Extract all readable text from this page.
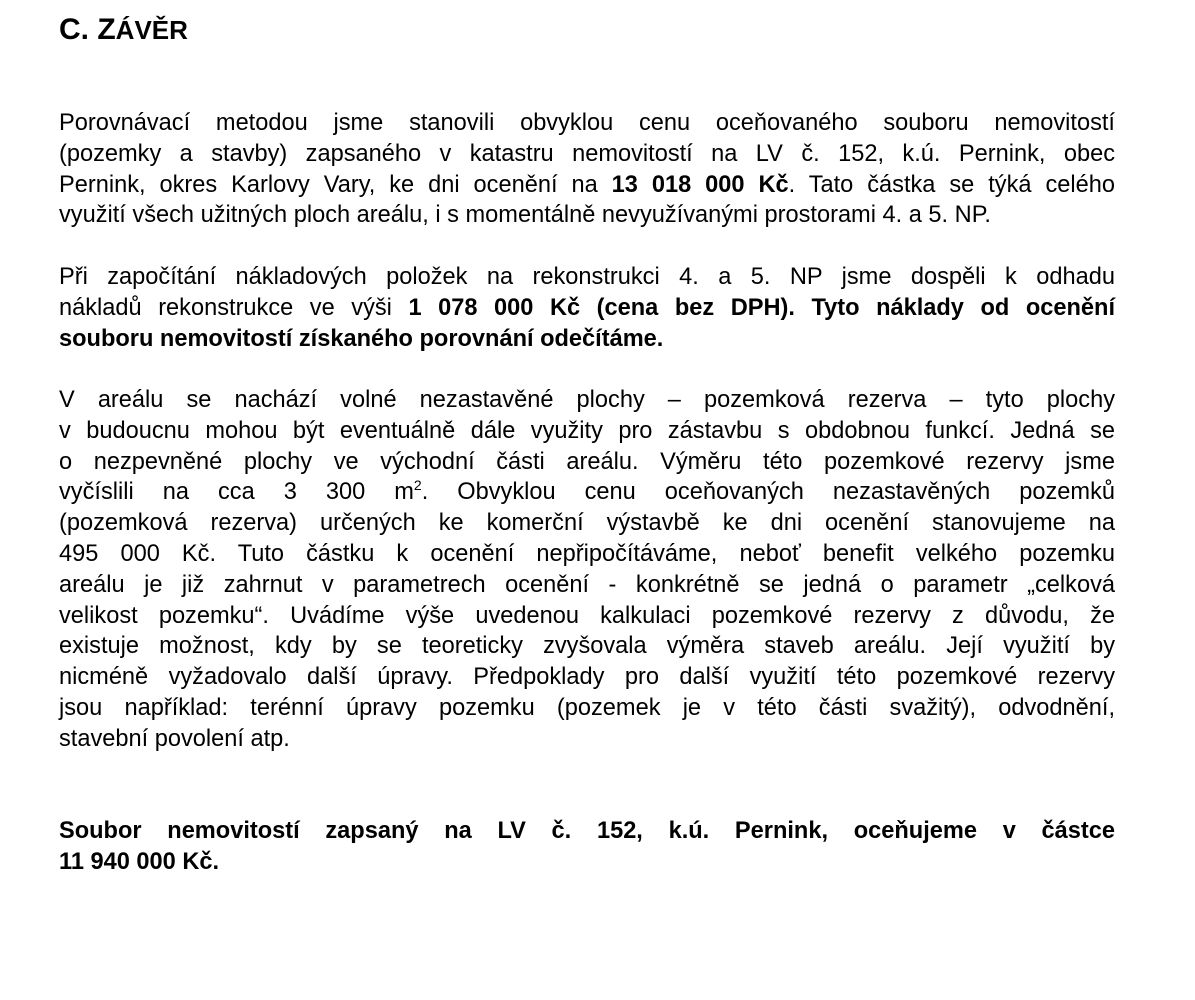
C. ZÁVĚR

Porovnávací metodou jsme stanovili obvyklou cenu oceňovaného souboru nemovitostí
(pozemky a stavby) zapsaného v katastru nemovitostí na LV č. 152, k.ú. Pernink, obec
Pernink, okres Karlovy Vary, ke dni ocenění na 13 018 000 Kč. Tato částka se týká celého
využití všech užitných ploch areálu, i s momentálně nevyužívanými prostorami 4. a 5. NP.

Při započítání nákladových položek na rekonstrukci 4. a 5. NP jsme dospěli k odhadu
nákladů rekonstrukce ve výši 1 078 000 Kč (cena bez DPH). Tyto náklady od ocenění
souboru nemovitostí získaného porovnání odečítáme.

V areálu se nachází volné nezastavěné plochy – pozemková rezerva – tyto plochy
v budoucnu mohou být eventuálně dále využity pro zástavbu s obdobnou funkcí. Jedná se
o nezpevněné plochy ve východní části areálu. Výměru této pozemkové rezervy jsme
vyčíslili na cca 3 300 $m^2$. Obvyklou cenu oceňovaných nezastavěných pozemků
(pozemková rezerva) určených ke komerční výstavbě ke dni ocenění stanovujeme na
495 000 Kč. Tuto částku k ocenění nepřipočítáváme, neboť benefit velkého pozemku
areálu je již zahrnut v parametrech ocenění - konkrétně se jedná o parametr „celková
velikost pozemku“. Uvádíme výše uvedenou kalkulaci pozemkové rezervy z důvodu, že
existuje možnost, kdy by se teoreticky zvyšovala výměra staveb areálu. Její využití by
nicméně vyžadovalo další úpravy. Předpoklady pro další využití této pozemkové rezervy
jsou například: terénní úpravy pozemku (pozemek je v této části svažitý), odvodnění,
stavební povolení atp.

Soubor nemovitostí zapsaný na LV č. 152, k.ú. Pernink, oceňujeme v částce
11 940 000 Kč.
